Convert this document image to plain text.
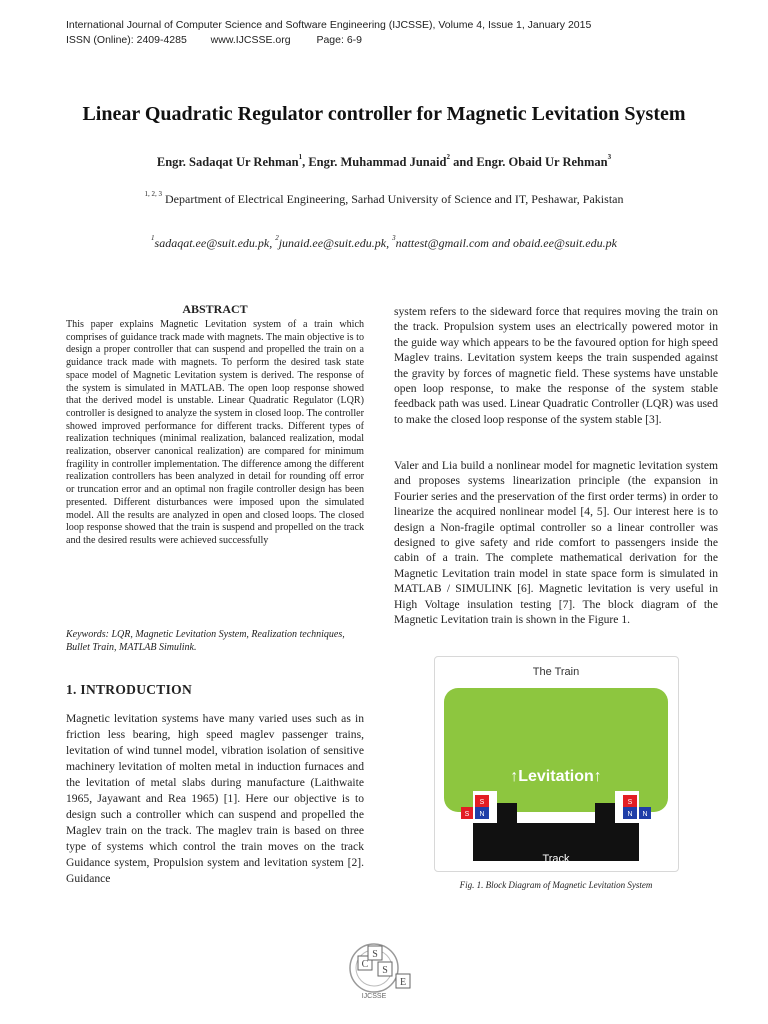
International Journal of Computer Science and Software Engineering (IJCSSE), Volume 4, Issue 1, January 2015
ISSN (Online): 2409-4285 www.IJCSSE.org Page: 6-9
Linear Quadratic Regulator controller for Magnetic Levitation System
Engr. Sadaqat Ur Rehman$^1$, Engr. Muhammad Junaid$^2$ and Engr. Obaid Ur Rehman$^3$
$^{1, 2, 3}$ Department of Electrical Engineering, Sarhad University of Science and IT, Peshawar, Pakistan
$^1$sadaqat.ee@suit.edu.pk, $^2$junaid.ee@suit.edu.pk, $^3$nattest@gmail.com and obaid.ee@suit.edu.pk
ABSTRACT
This paper explains Magnetic Levitation system of a train which comprises of guidance track made with magnets. The main objective is to design a proper controller that can suspend and propelled the train on a guidance track made with magnets. To perform the desired task state space model of Magnetic Levitation system is derived. The response of the system is simulated in MATLAB. The open loop response showed that the derived model is unstable. Linear Quadratic Regulator (LQR) controller is designed to analyze the system in closed loop. The controller showed improved performance for different tracks. Different types of realization techniques (minimal realization, balanced realization, modal realization, observer canonical realization) are compared for minimum fragility in controller implementation. The difference among the different realization controllers has been analyzed in detail for rounding off error or truncation error and an optimal non fragile controller design has been presented. Different disturbances were imposed upon the simulated model. All the results are analyzed in open and closed loops. The closed loop response showed that the train is suspend and propelled on the track and the desired results were achieved successfully
Keywords: LQR, Magnetic Levitation System, Realization techniques, Bullet Train, MATLAB Simulink.
1. INTRODUCTION
Magnetic levitation systems have many varied uses such as in friction less bearing, high speed maglev passenger trains, levitation of wind tunnel model, vibration isolation of sensitive machinery levitation of molten metal in induction furnaces and the levitation of metal slabs during manufacture (Laithwaite 1965, Jayawant and Rea 1965) [1]. Here our objective is to design such a controller which can suspend and propelled the Maglev train on the track. The maglev train is based on three type of systems which control the train moves on the track Guidance system, Propulsion system and levitation system [2]. Guidance
system refers to the sideward force that requires moving the train on the track. Propulsion system uses an electrically powered motor in the guide way which appears to be the favoured option for high speed Maglev trains. Levitation system keeps the train suspended against the gravity by forces of magnetic field. These systems have unstable open loop response, to make the response of the system stable feedback path was used. Linear Quadratic Controller (LQR) was used to make the closed loop response of the system stable [3].
Valer and Lia build a nonlinear model for magnetic levitation system and proposes systems linearization principle (the expansion in Fourier series and the preservation of the first order terms) in order to linearize the acquired nonlinear model [4, 5]. Our interest here is to design a Non-fragile optimal controller so a linear controller was designed to give safety and ride comfort to passengers inside the cabin of a train. The complete mathematical derivation for the Magnetic Levitation train model in state space form is simulated in MATLAB / SIMULINK [6]. Magnetic levitation is very useful in High Voltage insulation testing [7]. The block diagram of the Magnetic Levitation train is shown in the Figure 1.
The Train
↑Levitation↑
Track
S
S
N
S
N N
Fig. 1. Block Diagram of Magnetic Levitation System
C
S
S
E
IJCSSE
